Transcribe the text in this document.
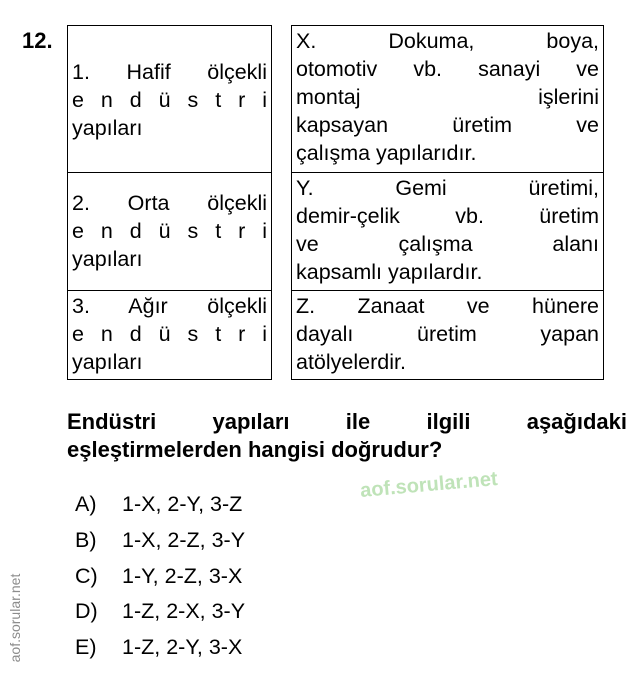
12.
1. Hafif ölçekli
e n d ü s t r i
yapıları
2. Orta ölçekli
e n d ü s t r i
yapıları
3. Ağır ölçekli
e n d ü s t r i
yapıları
X. Dokuma, boya,
otomotiv vb. sanayi ve
montaj işlerini
kapsayan üretim ve
çalışma yapılarıdır.
Y. Gemi üretimi,
demir-çelik vb. üretim
ve çalışma alanı
kapsamlı yapılardır.
Z. Zanaat ve hünere
dayalı üretim yapan
atölyelerdir.
Endüstri yapıları ile ilgili aşağıdaki
eşleştirmelerden hangisi doğrudur?
aof.sorular.net
A) 1-X, 2-Y, 3-Z
B) 1-X, 2-Z, 3-Y
C) 1-Y, 2-Z, 3-X
D) 1-Z, 2-X, 3-Y
E) 1-Z, 2-Y, 3-X
aof.sorular.net
